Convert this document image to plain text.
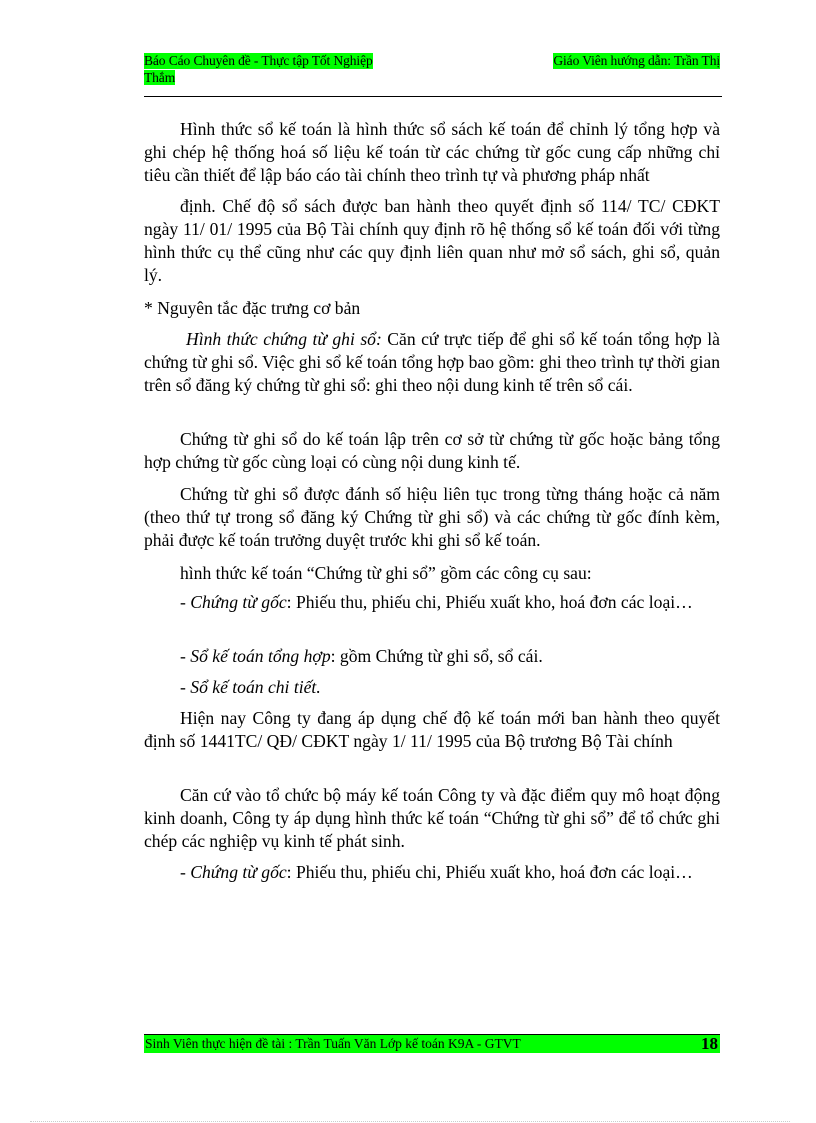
Báo Cáo Chuyên đề - Thực tập Tốt Nghiệp	Giáo Viên hướng dẫn: Trần Thị
Thắm

Hình thức sổ kế toán là hình thức sổ sách kế toán để chỉnh lý tổng hợp và ghi chép hệ thống hoá số liệu kế toán từ các chứng từ gốc cung cấp những chỉ tiêu cần thiết để lập báo cáo tài chính theo trình tự và phương pháp nhất

định. Chế độ sổ sách được ban hành theo quyết định số 114/ TC/ CĐKT ngày 11/ 01/ 1995 của Bộ Tài chính quy định rõ hệ thống sổ kế toán đối với từng hình thức cụ thể cũng như các quy định liên quan như mở sổ sách, ghi sổ, quản lý.

* Nguyên tắc đặc trưng cơ bản

Hình thức chứng từ ghi sổ: Căn cứ trực tiếp để ghi sổ kế toán tổng hợp là chứng từ ghi sổ. Việc ghi sổ kế toán tổng hợp bao gồm: ghi theo trình tự thời gian trên sổ đăng ký chứng từ ghi sổ: ghi theo nội dung kinh tế trên sổ cái.

Chứng từ ghi sổ do kế toán lập trên cơ sở từ chứng từ gốc hoặc bảng tổng hợp chứng từ gốc cùng loại có cùng nội dung kinh tế.

Chứng từ ghi sổ được đánh số hiệu liên tục trong từng tháng hoặc cả năm (theo thứ tự trong sổ đăng ký Chứng từ ghi sổ) và các chứng từ gốc đính kèm, phải được kế toán trưởng duyệt trước khi ghi sổ kế toán.

hình thức kế toán “Chứng từ ghi sổ” gồm các công cụ sau:

- Chứng từ gốc: Phiếu thu, phiếu chi, Phiếu xuất kho, hoá đơn các loại…

- Sổ kế toán tổng hợp: gồm Chứng từ ghi sổ, sổ cái.

- Sổ kế toán chi tiết.

Hiện nay Công ty đang áp dụng chế độ kế toán mới ban hành theo quyết định số 1441TC/ QĐ/ CĐKT ngày 1/ 11/ 1995 của Bộ trương Bộ Tài chính

Căn cứ vào tổ chức bộ máy kế toán Công ty và đặc điểm quy mô hoạt động kinh doanh, Công ty áp dụng hình thức kế toán “Chứng từ ghi sổ” để tổ chức ghi chép các nghiệp vụ kinh tế phát sinh.

- Chứng từ gốc: Phiếu thu, phiếu chi, Phiếu xuất kho, hoá đơn các loại…

Sinh Viên thực hiện đề tài : Trần Tuấn Văn Lớp kế toán K9A - GTVT	18
